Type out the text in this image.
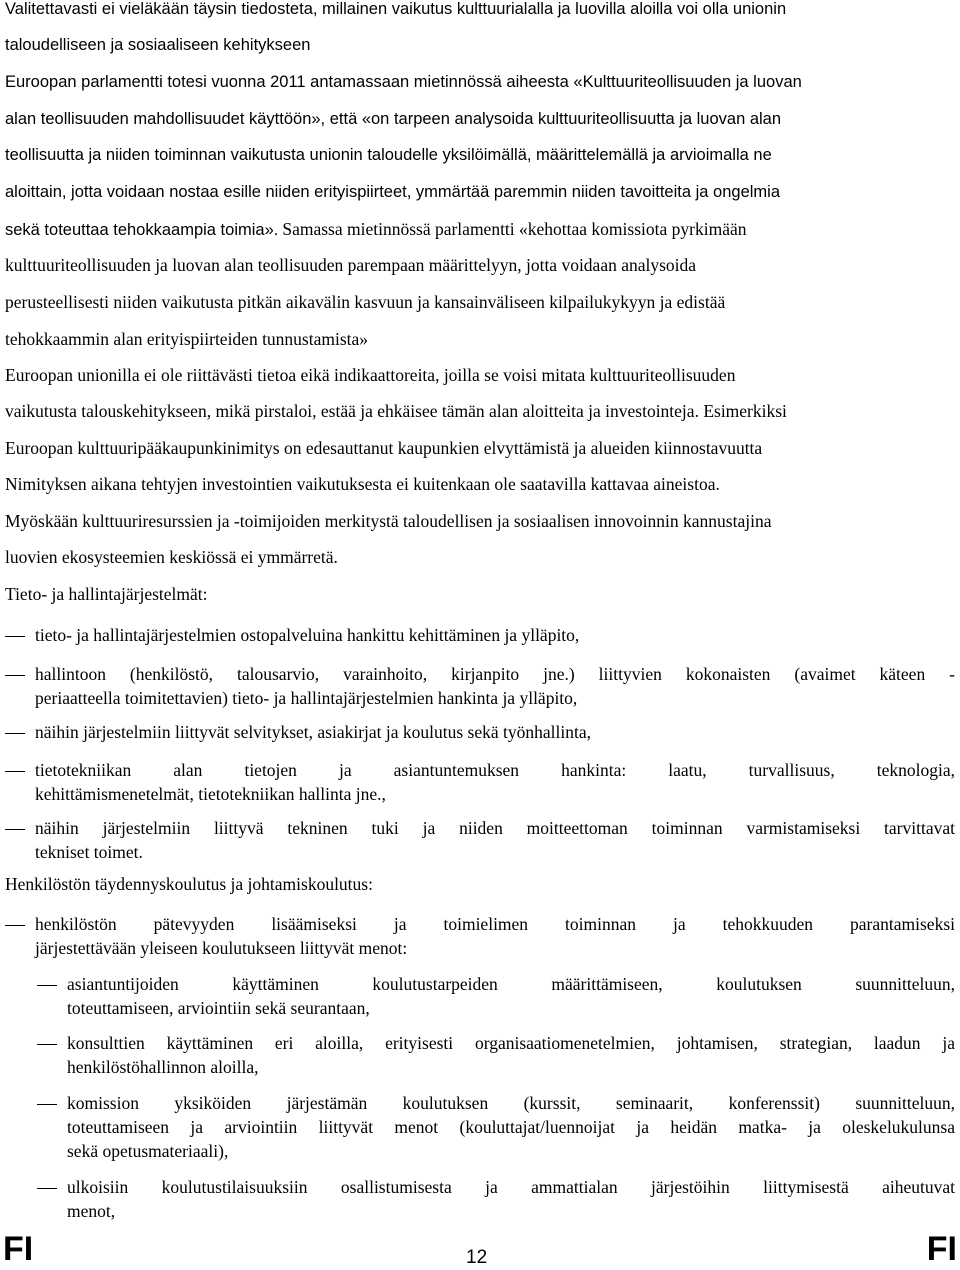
Valitettavasti ei vieläkään täysin tiedosteta, millainen vaikutus kulttuurialalla ja luovilla aloilla voi olla unionin
taloudelliseen ja sosiaaliseen kehitykseen
Euroopan parlamentti totesi vuonna 2011 antamassaan mietinnössä aiheesta «Kulttuuriteollisuuden ja luovan
alan teollisuuden mahdollisuudet käyttöön», että «on tarpeen analysoida kulttuuriteollisuutta ja luovan alan
teollisuutta ja niiden toiminnan vaikutusta unionin taloudelle yksilöimällä, määrittelemällä ja arvioimalla ne
aloittain, jotta voidaan nostaa esille niiden erityispiirteet, ymmärtää paremmin niiden tavoitteita ja ongelmia
sekä toteuttaa tehokkaampia toimia». Samassa mietinnössä parlamentti «kehottaa komissiota pyrkimään
kulttuuriteollisuuden ja luovan alan teollisuuden parempaan määrittelyyn, jotta voidaan analysoida
perusteellisesti niiden vaikutusta pitkän aikavälin kasvuun ja kansainväliseen kilpailukykyyn ja edistää
tehokkaammin alan erityispiirteiden tunnustamista»
Euroopan unionilla ei ole riittävästi tietoa eikä indikaattoreita, joilla se voisi mitata kulttuuriteollisuuden
vaikutusta talouskehitykseen, mikä pirstaloi, estää ja ehkäisee tämän alan aloitteita ja investointeja. Esimerkiksi
Euroopan kulttuuripääkaupunkinimitys on edesauttanut kaupunkien elvyttämistä ja alueiden kiinnostavuutta
Nimityksen aikana tehtyjen investointien vaikutuksesta ei kuitenkaan ole saatavilla kattavaa aineistoa.
Myöskään kulttuuriresurssien ja -toimijoiden merkitystä taloudellisen ja sosiaalisen innovoinnin kannustajina
luovien ekosysteemien keskiössä ei ymmärretä.
Tieto- ja hallintajärjestelmät:
tieto- ja hallintajärjestelmien ostopalveluina hankittu kehittäminen ja ylläpito,
hallintoon (henkilöstö, talousarvio, varainhoito, kirjanpito jne.) liittyvien kokonaisten (avaimet käteen -
periaatteella toimitettavien) tieto- ja hallintajärjestelmien hankinta ja ylläpito,
näihin järjestelmiin liittyvät selvitykset, asiakirjat ja koulutus sekä työnhallinta,
tietotekniikan alan tietojen ja asiantuntemuksen hankinta: laatu, turvallisuus, teknologia,
kehittämismenetelmät, tietotekniikan hallinta jne.,
näihin järjestelmiin liittyvä tekninen tuki ja niiden moitteettoman toiminnan varmistamiseksi tarvittavat
tekniset toimet.
Henkilöstön täydennyskoulutus ja johtamiskoulutus:
henkilöstön pätevyyden lisäämiseksi ja toimielimen toiminnan ja tehokkuuden parantamiseksi
järjestettävään yleiseen koulutukseen liittyvät menot:
asiantuntijoiden käyttäminen koulutustarpeiden määrittämiseen, koulutuksen suunnitteluun,
toteuttamiseen, arviointiin sekä seurantaan,
konsulttien käyttäminen eri aloilla, erityisesti organisaatiomenetelmien, johtamisen, strategian, laadun ja
henkilöstöhallinnon aloilla,
komission yksiköiden järjestämän koulutuksen (kurssit, seminaarit, konferenssit) suunnitteluun,
toteuttamiseen ja arviointiin liittyvät menot (kouluttajat/luennoijat ja heidän matka- ja oleskelukulunsa
sekä opetusmateriaali),
ulkoisiin koulutustilaisuuksiin osallistumisesta ja ammattialan järjestöihin liittymisestä aiheutuvat
menot,
FI	12	FI
